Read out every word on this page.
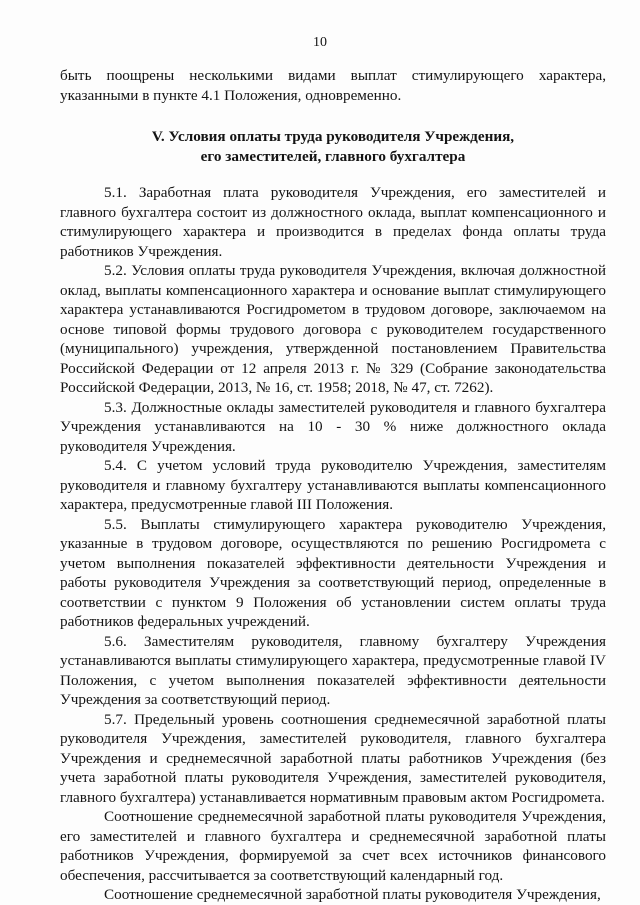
10

быть поощрены несколькими видами выплат стимулирующего характера, указанными в пункте 4.1 Положения, одновременно.

V. Условия оплаты труда руководителя Учреждения,
его заместителей, главного бухгалтера

5.1. Заработная плата руководителя Учреждения, его заместителей и главного бухгалтера состоит из должностного оклада, выплат компенсационного и стимулирующего характера и производится в пределах фонда оплаты труда работников Учреждения.

5.2. Условия оплаты труда руководителя Учреждения, включая должностной оклад, выплаты компенсационного характера и основание выплат стимулирующего характера устанавливаются Росгидрометом в трудовом договоре, заключаемом на основе типовой формы трудового договора с руководителем государственного (муниципального) учреждения, утвержденной постановлением Правительства Российской Федерации от 12 апреля 2013 г. № 329 (Собрание законодательства Российской Федерации, 2013, № 16, ст. 1958; 2018, № 47, ст. 7262).

5.3. Должностные оклады заместителей руководителя и главного бухгалтера Учреждения устанавливаются на 10 - 30 % ниже должностного оклада руководителя Учреждения.

5.4. С учетом условий труда руководителю Учреждения, заместителям руководителя и главному бухгалтеру устанавливаются выплаты компенсационного характера, предусмотренные главой III Положения.

5.5. Выплаты стимулирующего характера руководителю Учреждения, указанные в трудовом договоре, осуществляются по решению Росгидромета с учетом выполнения показателей эффективности деятельности Учреждения и работы руководителя Учреждения за соответствующий период, определенные в соответствии с пунктом 9 Положения об установлении систем оплаты труда работников федеральных учреждений.

5.6. Заместителям руководителя, главному бухгалтеру Учреждения устанавливаются выплаты стимулирующего характера, предусмотренные главой IV Положения, с учетом выполнения показателей эффективности деятельности Учреждения за соответствующий период.

5.7. Предельный уровень соотношения среднемесячной заработной платы руководителя Учреждения, заместителей руководителя, главного бухгалтера Учреждения и среднемесячной заработной платы работников Учреждения (без учета заработной платы руководителя Учреждения, заместителей руководителя, главного бухгалтера) устанавливается нормативным правовым актом Росгидромета.

Соотношение среднемесячной заработной платы руководителя Учреждения, его заместителей и главного бухгалтера и среднемесячной заработной платы работников Учреждения, формируемой за счет всех источников финансового обеспечения, рассчитывается за соответствующий календарный год.

Соотношение среднемесячной заработной платы руководителя Учреждения,
